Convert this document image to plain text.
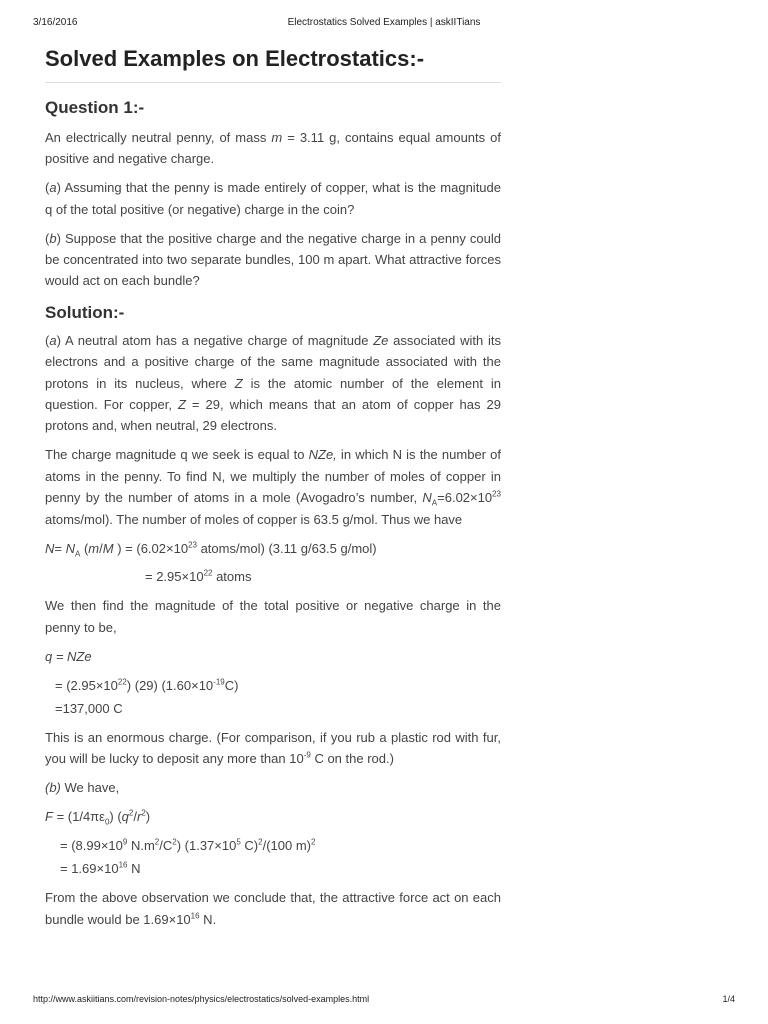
3/16/2016	Electrostatics Solved Examples | askIITians
Solved Examples on Electrostatics:-
Question 1:-

An electrically neutral penny, of mass m = 3.11 g, contains equal amounts of positive and negative charge.

(a) Assuming that the penny is made entirely of copper, what is the magnitude q of the total positive (or negative) charge in the coin?

(b) Suppose that the positive charge and the negative charge in a penny could be concentrated into two separate bundles, 100 m apart. What attractive forces would act on each bundle?

Solution:-

(a) A neutral atom has a negative charge of magnitude Ze associated with its electrons and a positive charge of the same magnitude associated with the protons in its nucleus, where Z is the atomic number of the element in question. For copper, Z = 29, which means that an atom of copper has 29 protons and, when neutral, 29 electrons.

The charge magnitude q we seek is equal to NZe, in which N is the number of atoms in the penny. To find N, we multiply the number of moles of copper in penny by the number of atoms in a mole (Avogadro’s number, $N_A=6.02\times 10^{23}$ atoms/mol). The number of moles of copper is 63.5 g/mol. Thus we have

$N= N_A$ (m/M ) = ($6.02\times 10^{23}$ atoms/mol) (3.11 g/63.5 g/mol)

= $2.95\times 10^{22}$ atoms

We then find the magnitude of the total positive or negative charge in the penny to be,

q = NZe

= $(2.95\times 10^{22})$ (29) $(1.60\times 10^{-19}C)$

=137,000 C

This is an enormous charge. (For comparison, if you rub a plastic rod with fur, you will be lucky to deposit any more than $10^{-9}$ C on the rod.)

(b) We have,

$F = (1/4\pi\varepsilon_0)$ $(q^2/r^2)$

= ($8.99\times 10^9$ $N.m^2/C^2$) ($1.37\times 10^5$ C)$^2$/(100 m)$^2$

= $1.69\times 10^{16}$ N

From the above observation we conclude that, the attractive force act on each bundle would be $1.69\times 10^{16}$ N.

http://www.askiitians.com/revision-notes/physics/electrostatics/solved-examples.html	1/4
